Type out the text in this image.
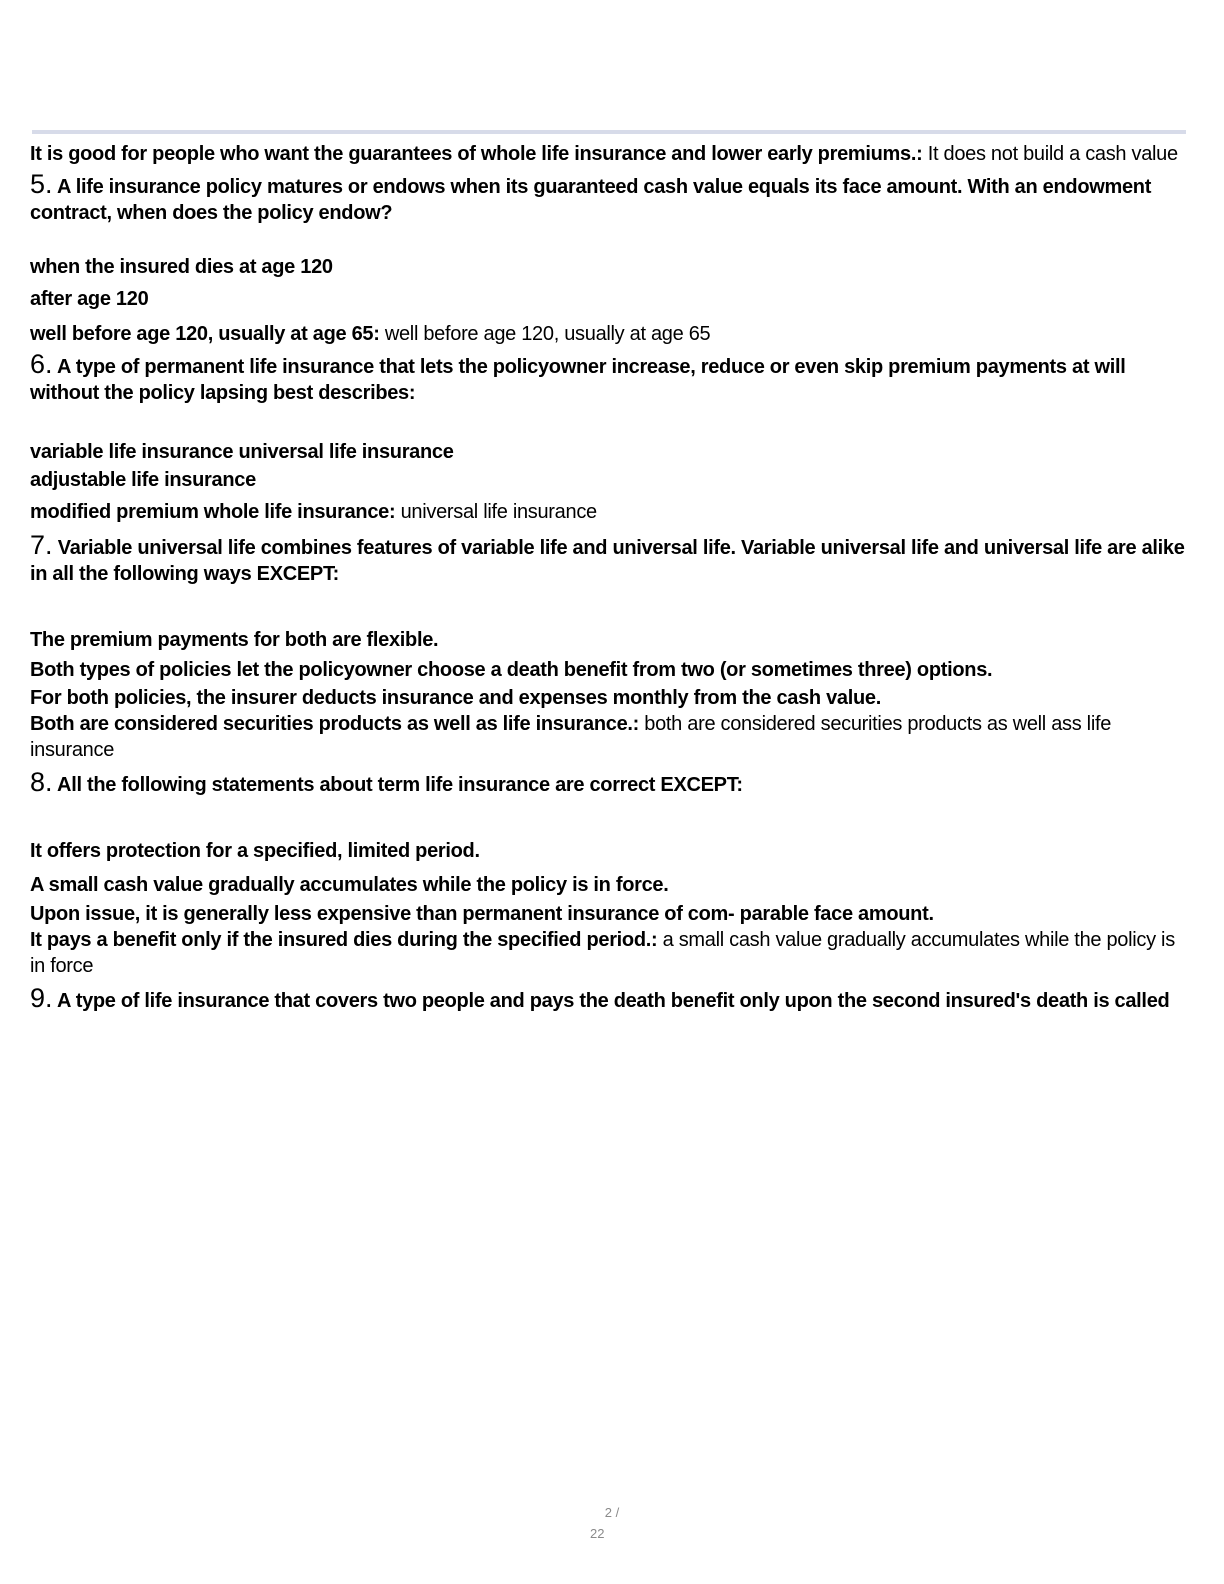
It is good for people who want the guarantees of whole life insurance and lower early premiums.: It does not build a cash value

5. A life insurance policy matures or endows when its guaranteed cash value equals its face amount. With an endowment contract, when does the policy endow?

when the insured dies at age 120

after age 120

well before age 120, usually at age 65: well before age 120, usually at age 65

6. A type of permanent life insurance that lets the policyowner increase, reduce or even skip premium payments at will without the policy lapsing best describes:

variable life insurance universal life insurance

adjustable life insurance

modified premium whole life insurance: universal life insurance

7. Variable universal life combines features of variable life and universal life. Variable universal life and universal life are alike in all the following ways EXCEPT:

The premium payments for both are flexible.

Both types of policies let the policyowner choose a death benefit from two (or sometimes three) options.

For both policies, the insurer deducts insurance and expenses monthly from the cash value.

Both are considered securities products as well as life insurance.: both are considered securities products as well ass life insurance

8. All the following statements about term life insurance are correct EXCEPT:

It offers protection for a specified, limited period.

A small cash value gradually accumulates while the policy is in force.

Upon issue, it is generally less expensive than permanent insurance of com- parable face amount.

It pays a benefit only if the insured dies during the specified period.: a small cash value gradually accumulates while the policy is in force

9. A type of life insurance that covers two people and pays the death benefit only upon the second insured's death is called

2 /
22
